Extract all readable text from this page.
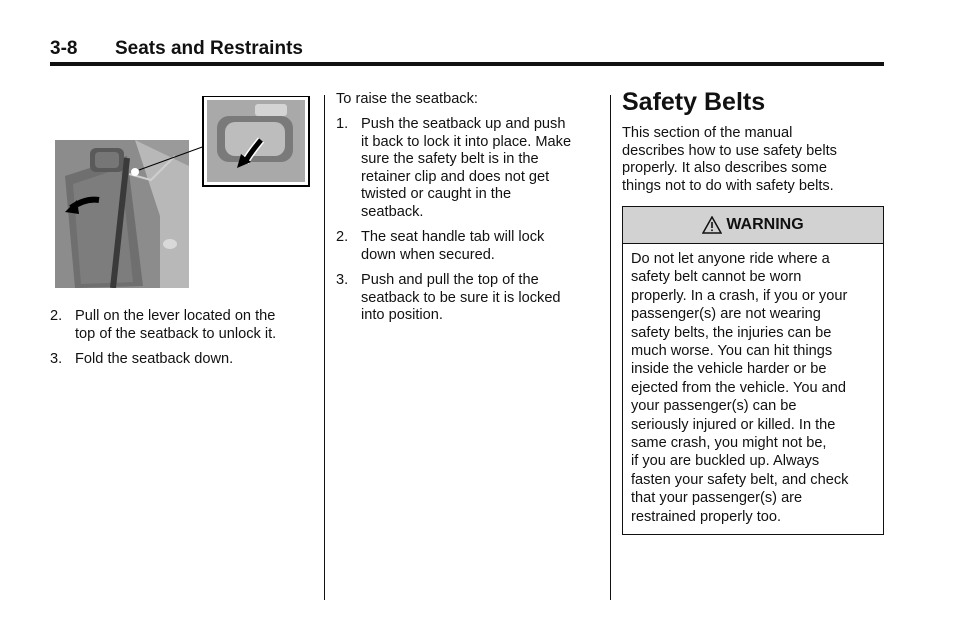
3-8 Seats and Restraints
2. Pull on the lever located on the
top of the seatback to unlock it.
3. Fold the seatback down.
To raise the seatback:
1. Push the seatback up and push
it back to lock it into place. Make
sure the safety belt is in the
retainer clip and does not get
twisted or caught in the
seatback.
2. The seat handle tab will lock
down when secured.
3. Push and pull the top of the
seatback to be sure it is locked
into position.
Safety Belts
This section of the manual
describes how to use safety belts
properly. It also describes some
things not to do with safety belts.
WARNING
Do not let anyone ride where a
safety belt cannot be worn
properly. In a crash, if you or your
passenger(s) are not wearing
safety belts, the injuries can be
much worse. You can hit things
inside the vehicle harder or be
ejected from the vehicle. You and
your passenger(s) can be
seriously injured or killed. In the
same crash, you might not be,
if you are buckled up. Always
fasten your safety belt, and check
that your passenger(s) are
restrained properly too.
